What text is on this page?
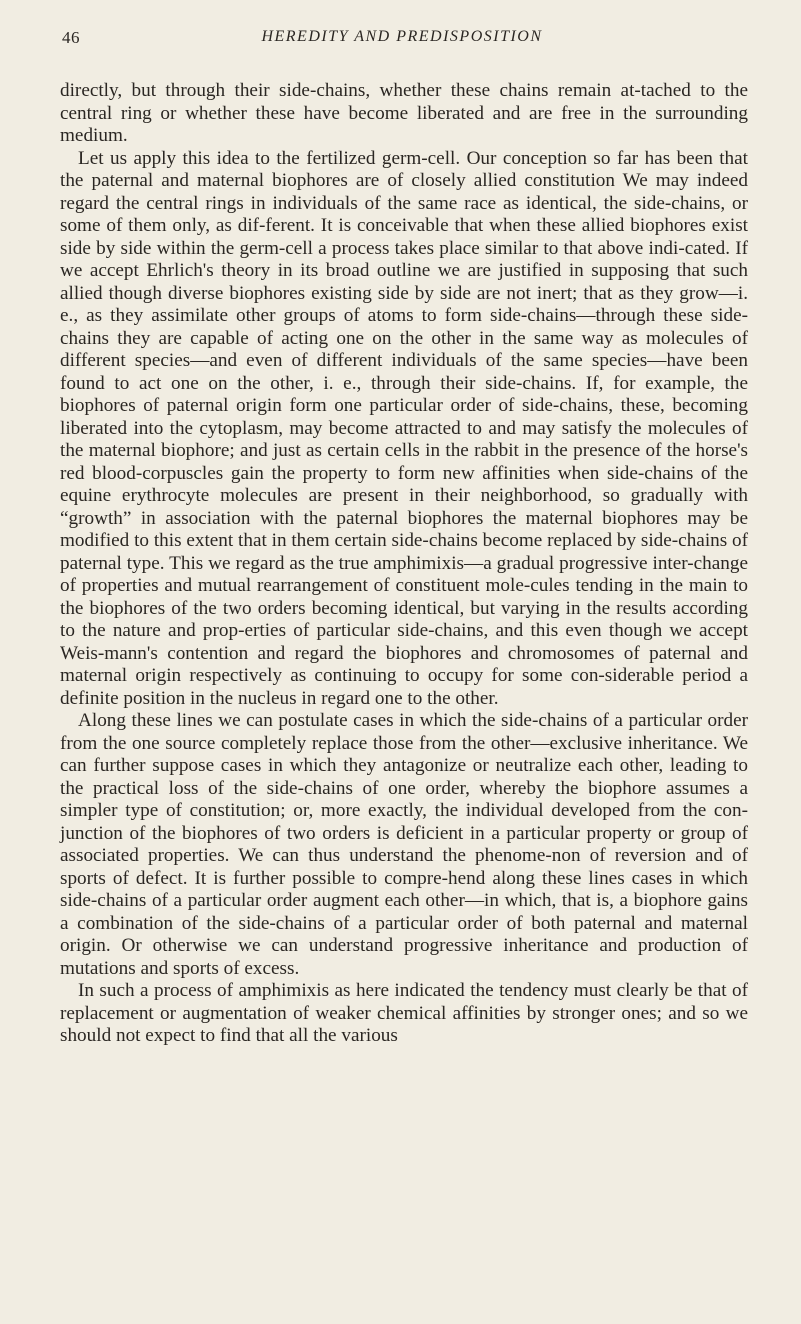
46	HEREDITY AND PREDISPOSITION

directly, but through their side-chains, whether these chains remain at-tached to the central ring or whether these have become liberated and are free in the surrounding medium.

Let us apply this idea to the fertilized germ-cell. Our conception so far has been that the paternal and maternal biophores are of closely allied constitution We may indeed regard the central rings in individuals of the same race as identical, the side-chains, or some of them only, as dif-ferent. It is conceivable that when these allied biophores exist side by side within the germ-cell a process takes place similar to that above indi-cated. If we accept Ehrlich's theory in its broad outline we are justified in supposing that such allied though diverse biophores existing side by side are not inert; that as they grow—i. e., as they assimilate other groups of atoms to form side-chains—through these side-chains they are capable of acting one on the other in the same way as molecules of different species—and even of different individuals of the same species—have been found to act one on the other, i. e., through their side-chains. If, for example, the biophores of paternal origin form one particular order of side-chains, these, becoming liberated into the cytoplasm, may become attracted to and may satisfy the molecules of the maternal biophore; and just as certain cells in the rabbit in the presence of the horse's red blood-corpuscles gain the property to form new affinities when side-chains of the equine erythrocyte molecules are present in their neighborhood, so gradually with “growth” in association with the paternal biophores the maternal biophores may be modified to this extent that in them certain side-chains become replaced by side-chains of paternal type. This we regard as the true amphimixis—a gradual progressive inter-change of properties and mutual rearrangement of constituent mole-cules tending in the main to the biophores of the two orders becoming identical, but varying in the results according to the nature and prop-erties of particular side-chains, and this even though we accept Weis-mann's contention and regard the biophores and chromosomes of paternal and maternal origin respectively as continuing to occupy for some con-siderable period a definite position in the nucleus in regard one to the other.

Along these lines we can postulate cases in which the side-chains of a particular order from the one source completely replace those from the other—exclusive inheritance. We can further suppose cases in which they antagonize or neutralize each other, leading to the practical loss of the side-chains of one order, whereby the biophore assumes a simpler type of constitution; or, more exactly, the individual developed from the con-junction of the biophores of two orders is deficient in a particular property or group of associated properties. We can thus understand the phenome-non of reversion and of sports of defect. It is further possible to compre-hend along these lines cases in which side-chains of a particular order augment each other—in which, that is, a biophore gains a combination of the side-chains of a particular order of both paternal and maternal origin. Or otherwise we can understand progressive inheritance and production of mutations and sports of excess.

In such a process of amphimixis as here indicated the tendency must clearly be that of replacement or augmentation of weaker chemical affinities by stronger ones; and so we should not expect to find that all the various
